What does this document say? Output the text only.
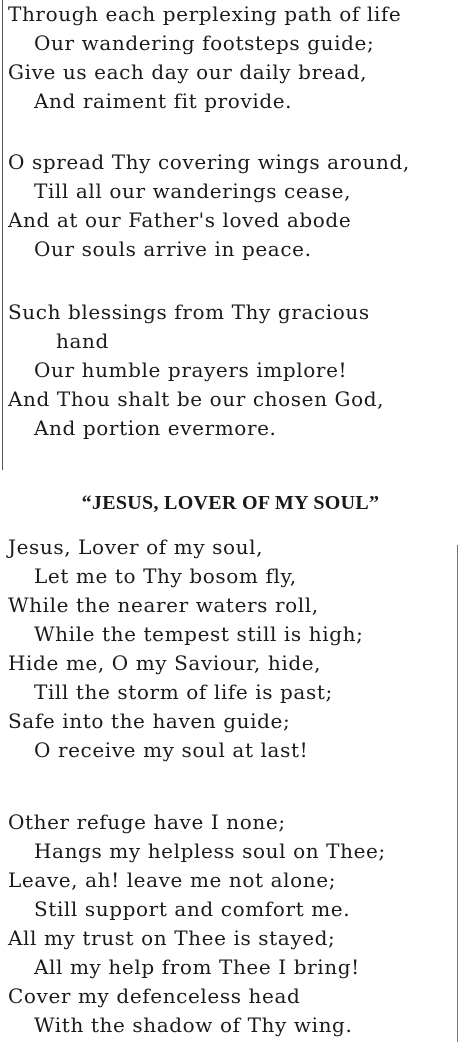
Through each perplexing path of life
Our wandering footsteps guide;
Give us each day our daily bread,
And raiment fit provide.
O spread Thy covering wings around,
Till all our wanderings cease,
And at our Father's loved abode
Our souls arrive in peace.
Such blessings from Thy gracious
hand
Our humble prayers implore!
And Thou shalt be our chosen God,
And portion evermore.
“JESUS, LOVER OF MY SOUL”
Jesus, Lover of my soul,
Let me to Thy bosom fly,
While the nearer waters roll,
While the tempest still is high;
Hide me, O my Saviour, hide,
Till the storm of life is past;
Safe into the haven guide;
O receive my soul at last!
Other refuge have I none;
Hangs my helpless soul on Thee;
Leave, ah! leave me not alone;
Still support and comfort me.
All my trust on Thee is stayed;
All my help from Thee I bring!
Cover my defenceless head
With the shadow of Thy wing.
